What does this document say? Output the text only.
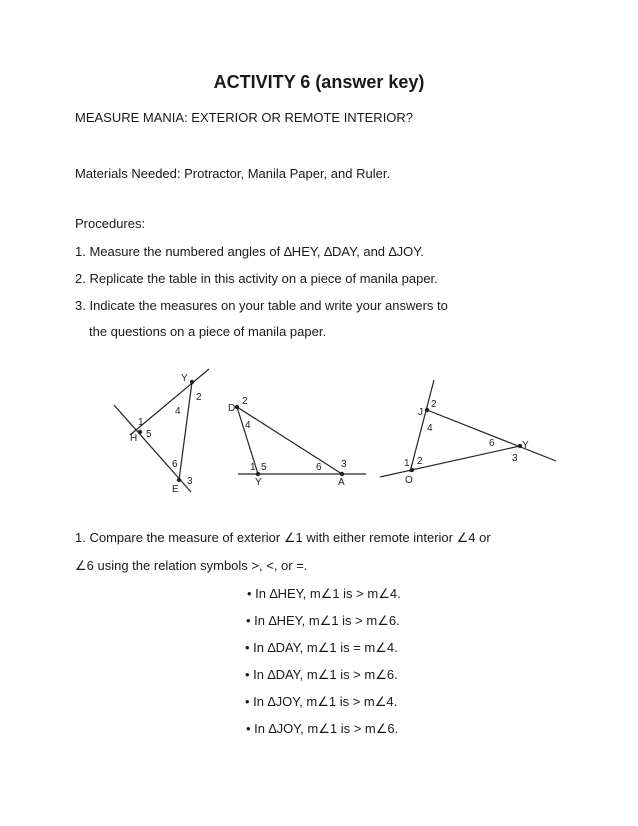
ACTIVITY 6 (answer key)
MEASURE MANIA: EXTERIOR OR REMOTE INTERIOR?
Materials Needed: Protractor, Manila Paper, and Ruler.
Procedures:
1. Measure the numbered angles of ∆HEY, ∆DAY, and ∆JOY.
2. Replicate the table in this activity on a piece of manila paper.
3. Indicate the measures on your table and write your answers to
the questions on a piece of manila paper.
Y
2
4
1
H 5
6
3
E
D
2
4
1 5	6 3
Y	A
J
2
4
6	Y
3
1 2
O
1. Compare the measure of exterior ∠1 with either remote interior ∠4 or
∠6 using the relation symbols >, <, or =.
• In ∆HEY, m∠1 is > m∠4.
• In ∆HEY, m∠1 is > m∠6.
• In ∆DAY, m∠1 is = m∠4.
• In ∆DAY, m∠1 is > m∠6.
• In ∆JOY, m∠1 is > m∠4.
• In ∆JOY, m∠1 is > m∠6.
